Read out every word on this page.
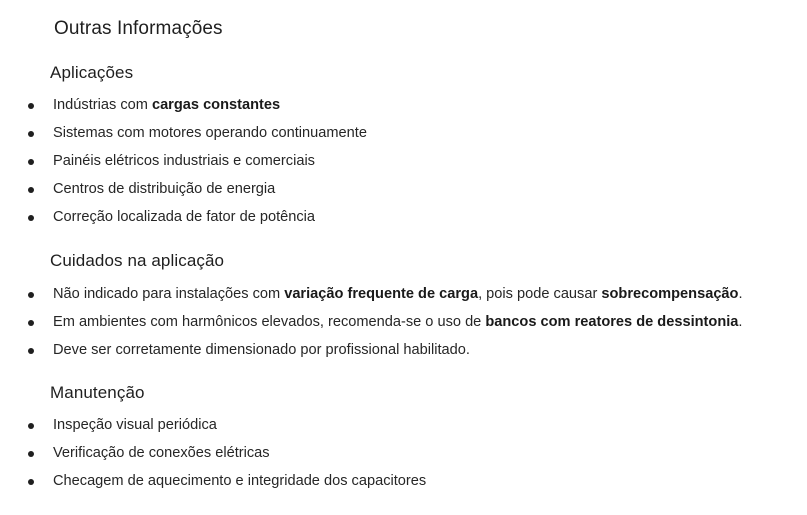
Outras Informações
Aplicações
Indústrias com cargas constantes
Sistemas com motores operando continuamente
Painéis elétricos industriais e comerciais
Centros de distribuição de energia
Correção localizada de fator de potência
Cuidados na aplicação
Não indicado para instalações com variação frequente de carga, pois pode causar sobrecompensação.
Em ambientes com harmônicos elevados, recomenda-se o uso de bancos com reatores de dessintonia.
Deve ser corretamente dimensionado por profissional habilitado.
Manutenção
Inspeção visual periódica
Verificação de conexões elétricas
Checagem de aquecimento e integridade dos capacitores
